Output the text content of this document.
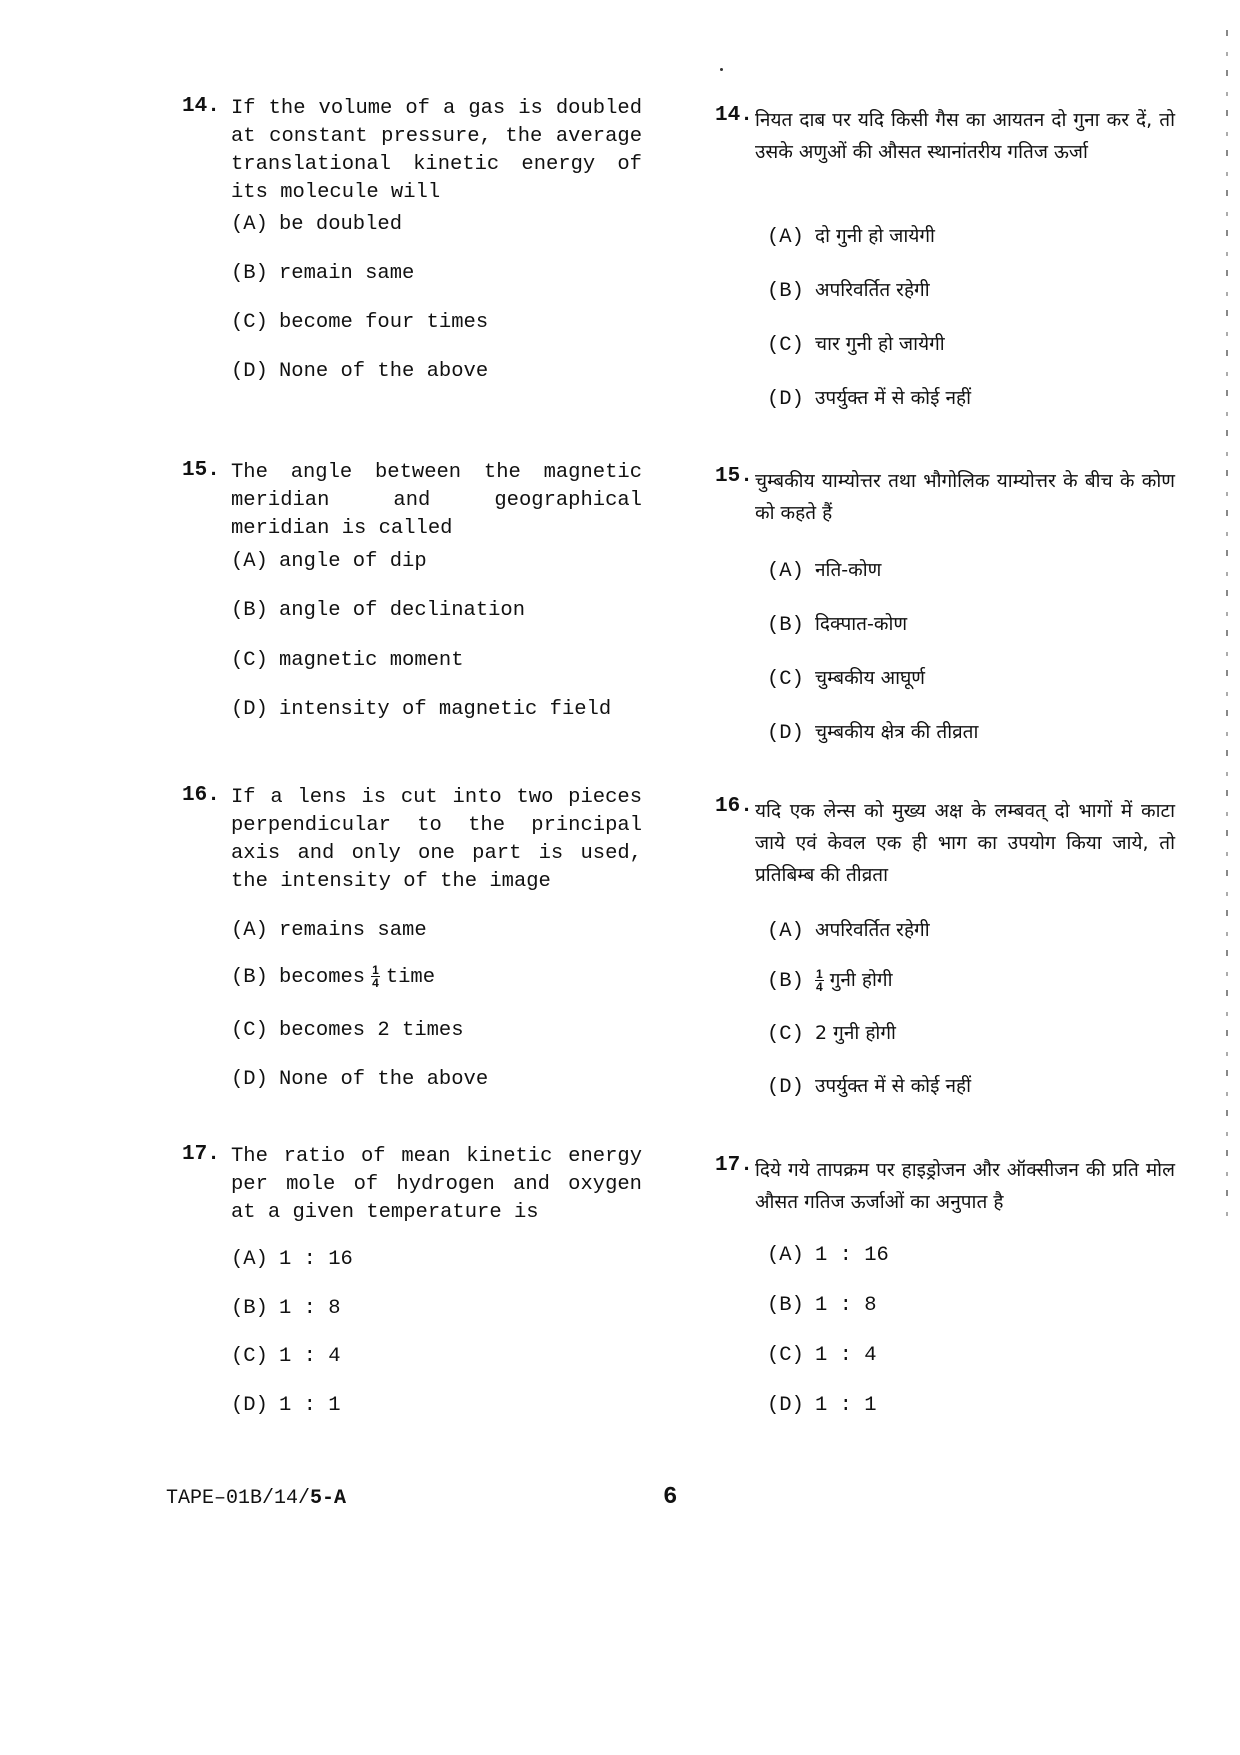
14. If the volume of a gas is doubled at constant pressure, the average translational kinetic energy of its molecule will
(A) be doubled
(B) remain same
(C) become four times
(D) None of the above
15. The angle between the magnetic meridian and geographical meridian is called
(A) angle of dip
(B) angle of declination
(C) magnetic moment
(D) intensity of magnetic field
16. If a lens is cut into two pieces perpendicular to the principal axis and only one part is used, the intensity of the image
(A) remains same
(B) becomes $\frac{1}{4}$ time
(C) becomes 2 times
(D) None of the above
17. The ratio of mean kinetic energy per mole of hydrogen and oxygen at a given temperature is
(A) 1 : 16
(B) 1 : 8
(C) 1 : 4
(D) 1 : 1
14. नियत दाब पर यदि किसी गैस का आयतन दो गुना कर दें, तो उसके अणुओं की औसत स्थानांतरीय गतिज ऊर्जा
(A) दो गुनी हो जायेगी
(B) अपरिवर्तित रहेगी
(C) चार गुनी हो जायेगी
(D) उपर्युक्त में से कोई नहीं
15. चुम्बकीय याम्योत्तर तथा भौगोलिक याम्योत्तर के बीच के कोण को कहते हैं
(A) नति-कोण
(B) दिक्पात-कोण
(C) चुम्बकीय आघूर्ण
(D) चुम्बकीय क्षेत्र की तीव्रता
16. यदि एक लेन्स को मुख्य अक्ष के लम्बवत् दो भागों में काटा जाये एवं केवल एक ही भाग का उपयोग किया जाये, तो प्रतिबिम्ब की तीव्रता
(A) अपरिवर्तित रहेगी
$(B) \frac{1}{4}$ गुनी होगी
(C) 2 गुनी होगी
(D) उपर्युक्त में से कोई नहीं
17. दिये गये तापक्रम पर हाइड्रोजन और ऑक्सीजन की प्रति मोल औसत गतिज ऊर्जाओं का अनुपात है
(A) 1 : 16
(B) 1 : 8
(C) 1 : 4
(D) 1 : 1
TAPE–01B/14/5-A	6
